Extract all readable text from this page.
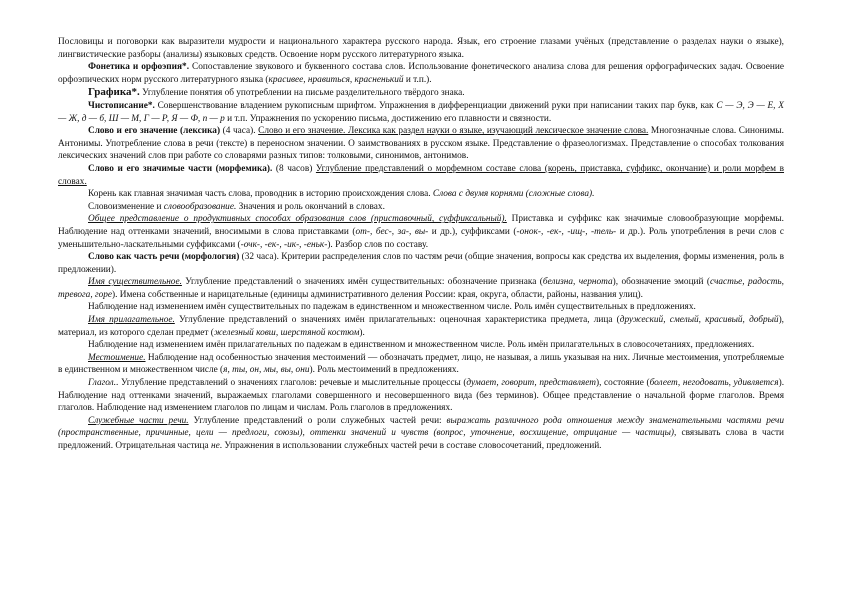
Пословицы и поговорки как выразители мудрости и национального характера русского народа. Язык, его строение глазами учёных (представление о разделах науки о языке), лингвистические разборы (анализы) языковых средств. Освоение норм русского литературного языка.

Фонетика и орфоэпия*. Сопоставление звукового и буквенного состава слов. Использование фонетического анализа слова для решения орфографических задач. Освоение орфоэпических норм русского литературного языка (красивее, нравиться, красненький и т.п.).

Графика*. Углубление понятия об употреблении на письме разделительного твёрдого знака.

Чистописание*. Совершенствование владением рукописным шрифтом. Упражнения в дифференциации движений руки при написании таких пар букв, как С — Э, Э — Е, Х — Ж, д — б, Ш — М, Г — Р, Я — Ф, п — р и т.п. Упражнения по ускорению письма, достижению его плавности и связности.

Слово и его значение (лексика) (4 часа). Слово и его значение. Лексика как раздел науки о языке, изучающий лексическое значение слова. Многозначные слова. Синонимы. Антонимы. Употребление слова в речи (тексте) в переносном значении. О заимствованиях в русском языке. Представление о фразеологизмах. Представление о способах толкования лексических значений слов при работе со словарями разных типов: толковыми, синонимов, антонимов.

Слово и его значимые части (морфемика). (8 часов) Углубление представлений о морфемном составе слова (корень, приставка, суффикс, окончание) и роли морфем в словах.

Корень как главная значимая часть слова, проводник в историю происхождения слова. Слова с двумя корнями (сложные слова).

Словоизменение и словообразование. Значения и роль окончаний в словах.

Общее представление о продуктивных способах образования слов (приставочный, суффиксальный). Приставка и суффикс как значимые словообразующие морфемы. Наблюдение над оттенками значений, вносимыми в слова приставками (от-, бес-, за-, вы- и др.), суффиксами (-онок-, -ек-, -ищ-, -тель- и др.). Роль употребления в речи слов с уменьшительно-ласкательными суффиксами (-очк-, -ек-, -ик-, -еньк-). Разбор слов по составу.

Слово как часть речи (морфология) (32 часа). Критерии распределения слов по частям речи (общие значения, вопросы как средства их выделения, формы изменения, роль в предложении).

Имя существительное. Углубление представлений о значениях имён существительных: обозначение признака (белизна, чернота), обозначение эмоций (счастье, радость, тревога, горе). Имена собственные и нарицательные (единицы административного деления России: края, округа, области, районы, названия улиц).

Наблюдение над изменением имён существительных по падежам в единственном и множественном числе. Роль имён существительных в предложениях.

Имя прилагательное. Углубление представлений о значениях имён прилагательных: оценочная характеристика предмета, лица (дружеский, смелый, красивый, добрый), материал, из которого сделан предмет (железный ковш, шерстяной костюм).

Наблюдение над изменением имён прилагательных по падежам в единственном и множественном числе. Роль имён прилагательных в словосочетаниях, предложениях.

Местоимение. Наблюдение над особенностью значения местоимений — обозначать предмет, лицо, не называя, а лишь указывая на них. Личные местоимения, употребляемые в единственном и множественном числе (я, ты, он, мы, вы, они). Роль местоимений в предложениях.

Глагол.. Углубление представлений о значениях глаголов: речевые и мыслительные процессы (думает, говорит, представляет), состояние (болеет, негодовать, удивляется). Наблюдение над оттенками значений, выражаемых глаголами совершенного и несовершенного вида (без терминов). Общее представление о начальной форме глаголов. Время глаголов. Наблюдение над изменением глаголов по лицам и числам. Роль глаголов в предложениях.

Служебные части речи. Углубление представлений о роли служебных частей речи: выражать различного рода отношения между знаменательными частями речи (пространственные, причинные, цели — предлоги, союзы), оттенки значений и чувств (вопрос, уточнение, восхищение, отрицание — частицы), связывать слова в части предложений. Отрицательная частица не. Упражнения в использовании служебных частей речи в составе словосочетаний, предложений.
